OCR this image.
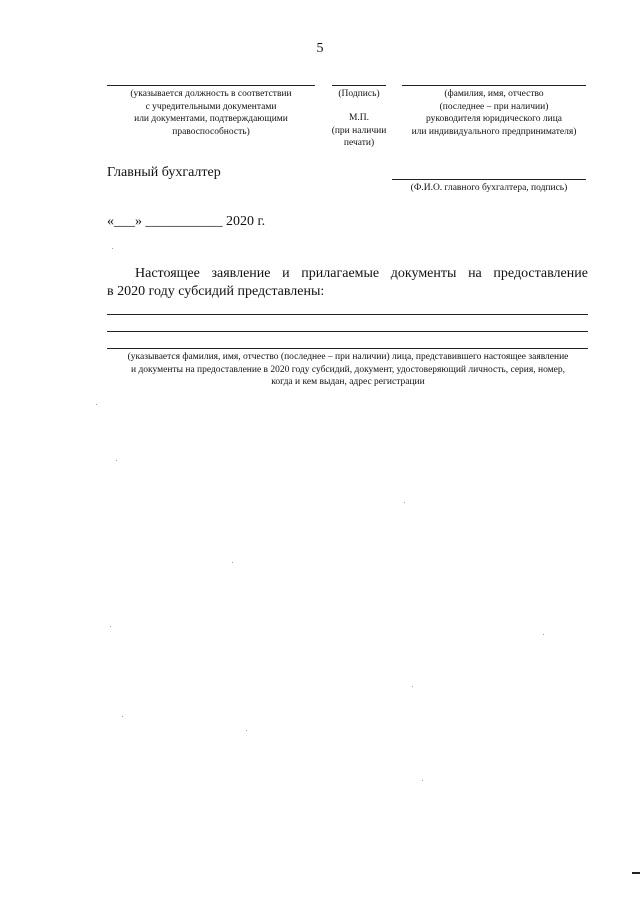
5
(указывается должность в соответствии
с учредительными документами
или документами, подтверждающими
правоспособность)
(Подпись)
М.П.
(при наличии
печати)
(фамилия, имя, отчество
(последнее – при наличии)
руководителя юридического лица
или индивидуального предпринимателя)
Главный бухгалтер
(Ф.И.О. главного бухгалтера, подпись)
«___» ___________ 2020 г.
Настоящее заявление и прилагаемые документы на предоставление
в 2020 году субсидий представлены:
(указывается фамилия, имя, отчество (последнее – при наличии) лица, представившего настоящее заявление
и документы на предоставление в 2020 году субсидий, документ, удостоверяющий личность, серия, номер,
когда и кем выдан, адрес регистрации
